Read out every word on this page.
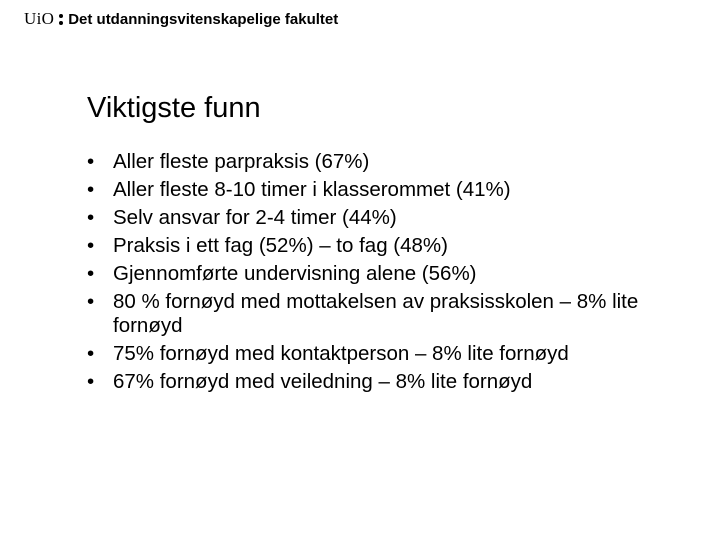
UiO Det utdanningsvitenskapelige fakultet
Viktigste funn
• Aller fleste parpraksis (67%)
• Aller fleste 8-10 timer i klasserommet (41%)
• Selv ansvar for 2-4 timer (44%)
• Praksis i ett fag (52%) – to fag (48%)
• Gjennomførte undervisning alene (56%)
• 80 % fornøyd med mottakelsen av praksisskolen – 8% lite fornøyd
• 75% fornøyd med kontaktperson – 8% lite fornøyd
• 67% fornøyd med veiledning – 8% lite fornøyd
